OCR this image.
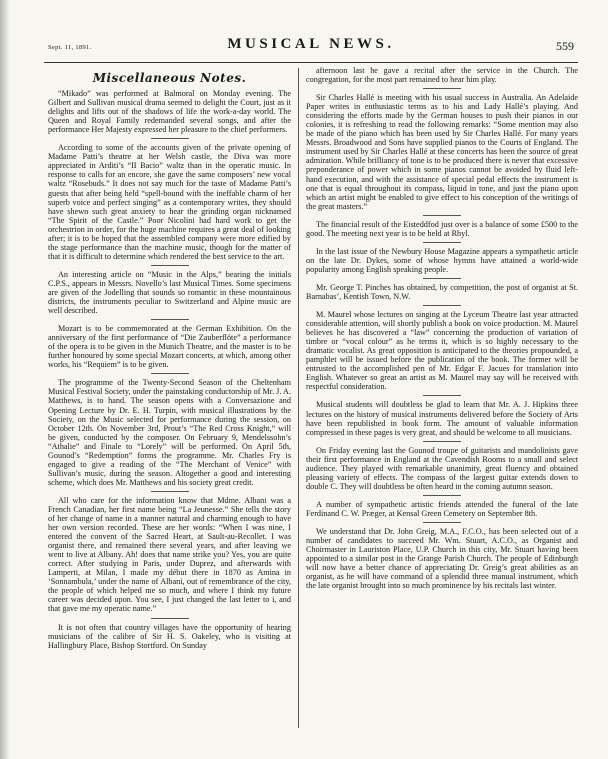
Sept. 11, 1891.	MUSICAL NEWS.	559
Miscellaneous Notes.

“Mikado” was performed at Balmoral on Monday evening. The Gilbert and Sullivan musical drama seemed to delight the Court, just as it delights and lifts out of the shadows of life the work-a-day world. The Queen and Royal Family redemanded several songs, and after the performance Her Majesty expressed her pleasure to the chief performers.

According to some of the accounts given of the private opening of Madame Patti’s theatre at her Welsh castle, the Diva was more appreciated in Arditi’s “II Bacio” waltz than in the operatic music. In response to calls for an encore, she gave the same composers’ new vocal waltz “Rosebuds.” It does not say much for the taste of Madame Patti’s guests that after being held “spell-bound with the ineffable charm of her superb voice and perfect singing” as a contemporary writes, they should have shewn such great anxiety to hear the grinding organ nicknamed “The Spirit of the Castle.” Poor Nicolini had hard work to get the orchestrion in order, for the huge machine requires a great deal of looking after; it is to be hoped that the assembled company were more edified by the stage performance than the machine music, though for the matter of that it is difficult to determine which rendered the best service to the art.

An interesting article on “Music in the Alps,” bearing the initials C.P.S., appears in Messrs. Novello’s last Musical Times. Some specimens are given of the Jodelling that sounds so romantic in these mountainous districts, the instruments peculiar to Switzerland and Alpine music are well described.

Mozart is to be commemorated at the German Exhibition. On the anniversary of the first performance of “Die Zauberflöte” a performance of the opera is to be given in the Munich Theatre, and the master is to be further honoured by some special Mozart concerts, at which, among other works, his “Requiem” is to be given.

The programme of the Twenty-Second Season of the Cheltenham Musical Festival Society, under the painstaking conductorship of Mr. J. A. Matthews, is to hand. The season opens with a Conversazione and Opening Lecture by Dr. E. H. Turpin, with musical illustrations by the Society, on the Music selected for performance during the session, on October 12th. On November 3rd, Prout’s “The Red Cross Knight,” will be given, conducted by the composer. On February 9, Mendelssohn’s “Athalie” and Finale to “Lorely” will be performed. On April 5th, Gounod’s “Redemption” forms the programme. Mr. Charles Fry is engaged to give a reading of the “The Merchant of Venice” with Sullivan’s music, during the season. Altogether a good and interesting scheme, which does Mr. Matthews and his society great credit.

All who care for the information know that Mdme. Albani was a French Canadian, her first name being “La Jeunesse.” She tells the story of her change of name in a manner natural and charming enough to have her own version recorded. These are her words: “When I was nine, I entered the convent of the Sacred Heart, at Sault-au-Recollet. I was organist there, and remained there several years, and after leaving we went to live at Albany. Ah! does that name strike you? Yes, you are quite correct. After studying in Paris, under Duprez, and afterwards with Lamperti, at Milan, I made my début there in 1870 as Amina in ‘Sonnambula,’ under the name of Albani, out of remembrance of the city, the people of which helped me so much, and where I think my future career was decided upon. You see, I just changed the last letter to i, and that gave me my operatic name.”

It is not often that country villages have the opportunity of hearing musicians of the calibre of Sir H. S. Oakeley, who is visiting at Hallingbury Place, Bishop Stortford. On Sunday

afternoon last he gave a recital after the service in the Church. The congregation, for the most part remained to hear him play.

Sir Charles Hallé is meeting with his usual success in Australia. An Adelaide Paper writes in enthusiastic terms as to his and Lady Hallé’s playing. And considering the efforts made by the German houses to push their pianos in our colonies, it is refreshing to read the following remarks: “Some mention may also be made of the piano which has been used by Sir Charles Hallé. For many years Messrs. Broadwood and Sons have supplied pianos to the Courts of England. The instrument used by Sir Charles Hallé at these concerts has been the source of great admiration. While brilliancy of tone is to be produced there is never that excessive preponderance of power which in some pianos cannot be avoided by fluid left-hand execution, and with the assistance of special pedal effects the instrument is one that is equal throughout its compass, liquid in tone, and just the piano upon which an artist might be enabled to give effect to his conception of the writings of the great masters.”

The financial result of the Eisteddfod just over is a balance of some £500 to the good. The meeting next year is to be held at Rhyl.

In the last issue of the Newbury House Magazine appears a sympathetic article on the late Dr. Dykes, some of whose hymns have attained a world-wide popularity among English speaking people.

Mr. George T. Pinches has obtained, by competition, the post of organist at St. Barnabas’, Kentish Town, N.W.

M. Maurel whose lectures on singing at the Lyceum Theatre last year attracted considerable attention, will shortly publish a book on voice production. M. Maurel believes he has discovered a “law” concerning the production of variation of timbre or “vocal colour” as he terms it, which is so highly necessary to the dramatic vocalist. As great opposition is anticipated to the theories propounded, a pamphlet will be issued before the publication of the book. The former will be entrusted to the accomplished pen of Mr. Edgar F. Jacues for translation into English. Whatever so great an artist as M. Maurel may say will be received with respectful consideration.

Musical students will doubtless be glad to learn that Mr. A. J. Hipkins three lectures on the history of musical instruments delivered before the Society of Arts have been republished in book form. The amount of valuable information compressed in these pages is very great, and should be welcome to all musicians.

On Friday evening last the Gounod troupe of guitarists and mandolinists gave their first performance in England at the Cavendish Rooms to a small and select audience. They played with remarkable unanimity, great fluency and obtained pleasing variety of effects. The compass of the largest guitar extends down to double C. They will doubtless be often heard in the coming autumn season.

A number of sympathetic artistic friends attended the funeral of the late Ferdinand C. W. Præger, at Kensal Green Cemetery on September 8th.

We understand that Dr. John Greig, M.A., F.C.O., has been selected out of a number of candidates to succeed Mr. Wm. Stuart, A.C.O., as Organist and Choirmaster in Lauriston Place, U.P. Church in this city, Mr. Stuart having been appointed to a similar post in the Grange Parish Church. The people of Edinburgh will now have a better chance of appreciating Dr. Greig’s great abilities as an organist, as he will have command of a splendid three manual instrument, which the late organist brought into so much prominence by his recitals last winter.
